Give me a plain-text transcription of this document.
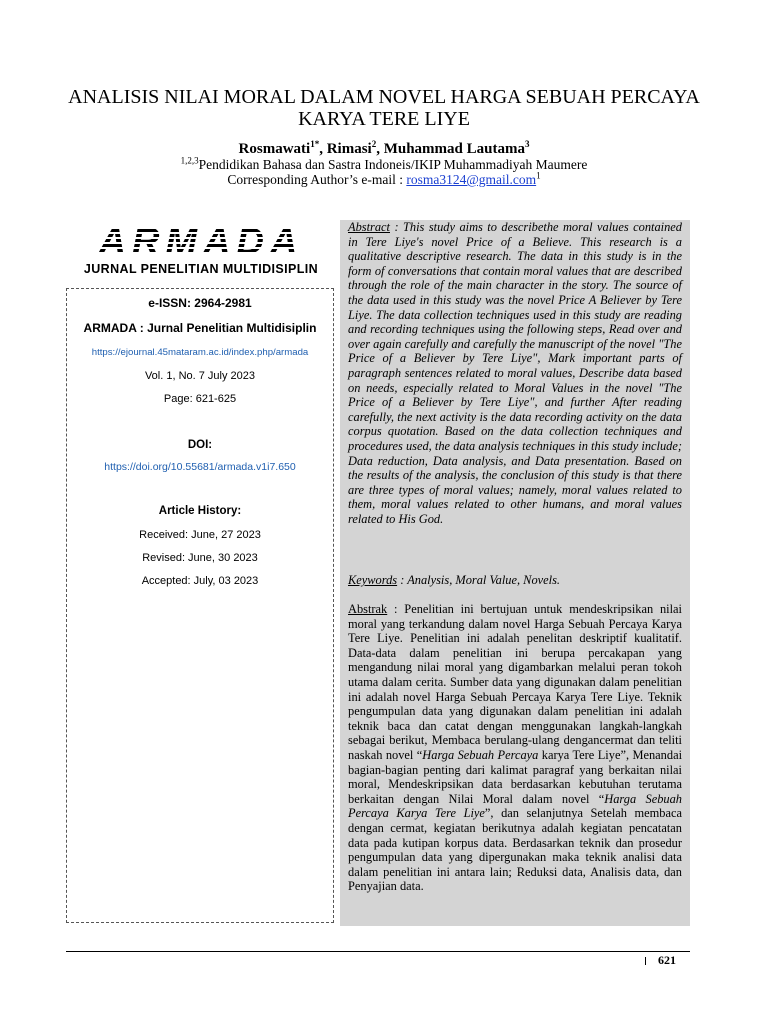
ANALISIS NILAI MORAL DALAM NOVEL HARGA SEBUAH PERCAYA
KARYA TERE LIYE
Rosmawati$^{1*}$, Rimasi$^2$, Muhammad Lautama$^3$
$^{1,2,3}$Pendidikan Bahasa dan Sastra Indoneis/IKIP Muhammadiyah Maumere
Corresponding Author’s e-mail : rosma3124@gmail.com$^1$
ARMADA
JURNAL PENELITIAN MULTIDISIPLIN
e-ISSN: 2964-2981
ARMADA : Jurnal Penelitian Multidisiplin
https://ejournal.45mataram.ac.id/index.php/armada
Vol. 1, No. 7 July 2023
Page: 621-625
DOI:
https://doi.org/10.55681/armada.v1i7.650
Article History:
Received: June, 27 2023
Revised: June, 30 2023
Accepted: July, 03 2023

Abstract : This study aims to describethe moral values contained in Tere Liye's novel Price of a Believe. This research is a qualitative descriptive research. The data in this study is in the form of conversations that contain moral values that are described through the role of the main character in the story. The source of the data used in this study was the novel Price A Believer by Tere Liye. The data collection techniques used in this study are reading and recording techniques using the following steps, Read over and over again carefully and carefully the manuscript of the novel "The Price of a Believer by Tere Liye", Mark important parts of paragraph sentences related to moral values, Describe data based on needs, especially related to Moral Values in the novel "The Price of a Believer by Tere Liye", and further After reading carefully, the next activity is the data recording activity on the data corpus quotation. Based on the data collection techniques and procedures used, the data analysis techniques in this study include; Data reduction, Data analysis, and Data presentation. Based on the results of the analysis, the conclusion of this study is that there are three types of moral values; namely, moral values related to them, moral values related to other humans, and moral values related to His God.

Keywords : Analysis, Moral Value, Novels.

Abstrak : Penelitian ini bertujuan untuk mendeskripsikan nilai moral yang terkandung dalam novel Harga Sebuah Percaya Karya Tere Liye. Penelitian ini adalah penelitan deskriptif kualitatif. Data-data dalam penelitian ini berupa percakapan yang mengandung nilai moral yang digambarkan melalui peran tokoh utama dalam cerita. Sumber data yang digunakan dalam penelitian ini adalah novel Harga Sebuah Percaya Karya Tere Liye. Teknik pengumpulan data yang digunakan dalam penelitian ini adalah teknik baca dan catat dengan menggunakan langkah-langkah sebagai berikut, Membaca berulang-ulang dengancermat dan teliti naskah novel “Harga Sebuah Percaya karya Tere Liye”, Menandai bagian-bagian penting dari kalimat paragraf yang berkaitan nilai moral, Mendeskripsikan data berdasarkan kebutuhan terutama berkaitan dengan Nilai Moral dalam novel “Harga Sebuah Percaya Karya Tere Liye”, dan selanjutnya Setelah membaca dengan cermat, kegiatan berikutnya adalah kegiatan pencatatan data pada kutipan korpus data. Berdasarkan teknik dan prosedur pengumpulan data yang dipergunakan maka teknik analisi data dalam penelitian ini antara lain; Reduksi data, Analisis data, dan Penyajian data.

621
